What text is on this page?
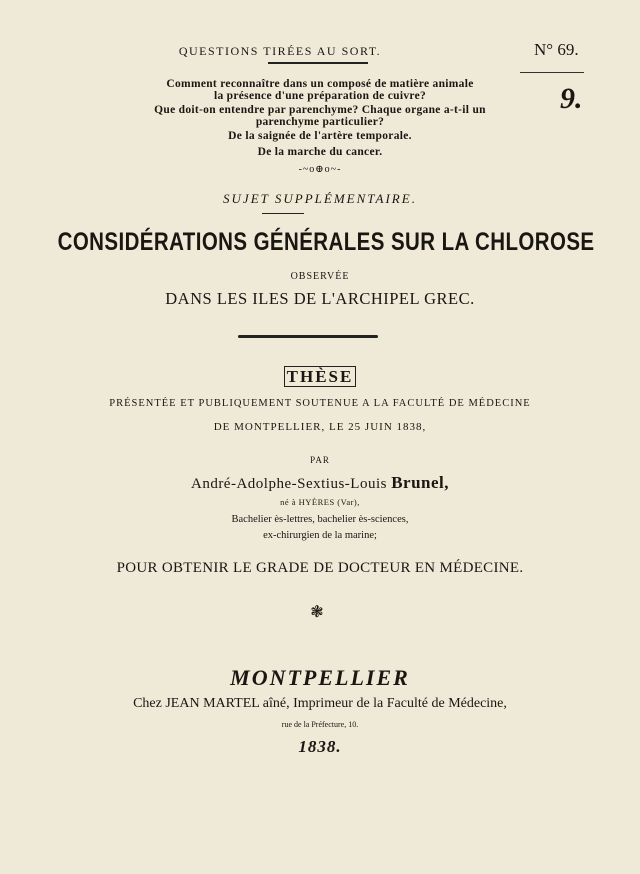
QUESTIONS TIRÉES AU SORT.	N° 69.
9.
Comment reconnaître dans un composé de matière animale
la présence d'une préparation de cuivre?
Que doit-on entendre par parenchyme? Chaque organe a-t-il un
parenchyme particulier?
De la saignée de l'artère temporale.
De la marche du cancer.
-~o⊕o~-
SUJET SUPPLÉMENTAIRE.
CONSIDÉRATIONS GÉNÉRALES SUR LA CHLOROSE
OBSERVÉE
DANS LES ILES DE L'ARCHIPEL GREC.
THÈSE
PRÉSENTÉE ET PUBLIQUEMENT SOUTENUE A LA FACULTÉ DE MÉDECINE
DE MONTPELLIER, LE 25 JUIN 1838,
PAR
André-Adolphe-Sextius-Louis Brunel,
né à HYÈRES (Var),
Bachelier ès-lettres, bachelier ès-sciences,
ex-chirurgien de la marine;
POUR OBTENIR LE GRADE DE DOCTEUR EN MÉDECINE.
❃
MONTPELLIER
Chez JEAN MARTEL aîné, Imprimeur de la Faculté de Médecine,
rue de la Préfecture, 10.
1838.
